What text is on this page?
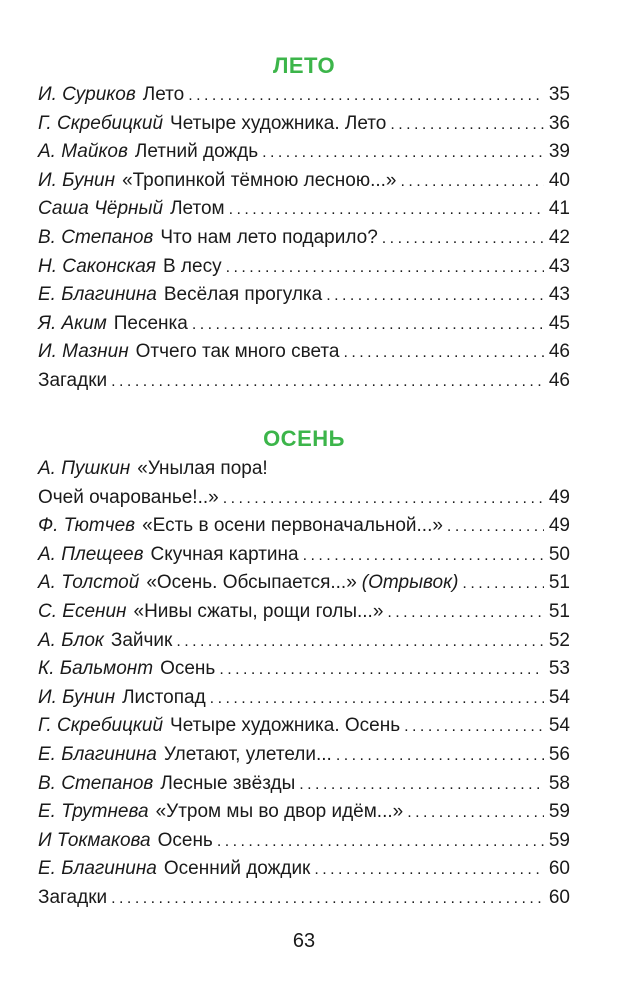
ЛЕТО
И. Суриков Лето . . .	35
Г. Скребицкий Четыре художника. Лето . . .	36
А. Майков Летний дождь . . .	39
И. Бунин «Тропинкой тёмною лесною...» . . .	40
Саша Чёрный Летом . . .	41
В. Степанов Что нам лето подарило? . . .	42
Н. Саконская В лесу . . .	43
Е. Благинина Весёлая прогулка . . .	43
Я. Аким Песенка . . .	45
И. Мазнин Отчего так много света . . .	46
Загадки . . .	46
ОСЕНЬ
А. Пушкин «Унылая пора!
Очей очарованье!..» . . .	49
Ф. Тютчев «Есть в осени первоначальной...» . . .	49
А. Плещеев Скучная картина . . .	50
А. Толстой «Осень. Обсыпается...» (Отрывок) . . .	51
С. Есенин «Нивы сжаты, рощи голы...» . . .	51
А. Блок Зайчик . . .	52
К. Бальмонт Осень . . .	53
И. Бунин Листопад . . .	54
Г. Скребицкий Четыре художника. Осень . . .	54
Е. Благинина Улетают, улетели... . . .	56
В. Степанов Лесные звёзды . . .	58
Е. Трутнева «Утром мы во двор идём...» . . .	59
И Токмакова Осень . . .	59
Е. Благинина Осенний дождик . . .	60
Загадки . . .	60
63
